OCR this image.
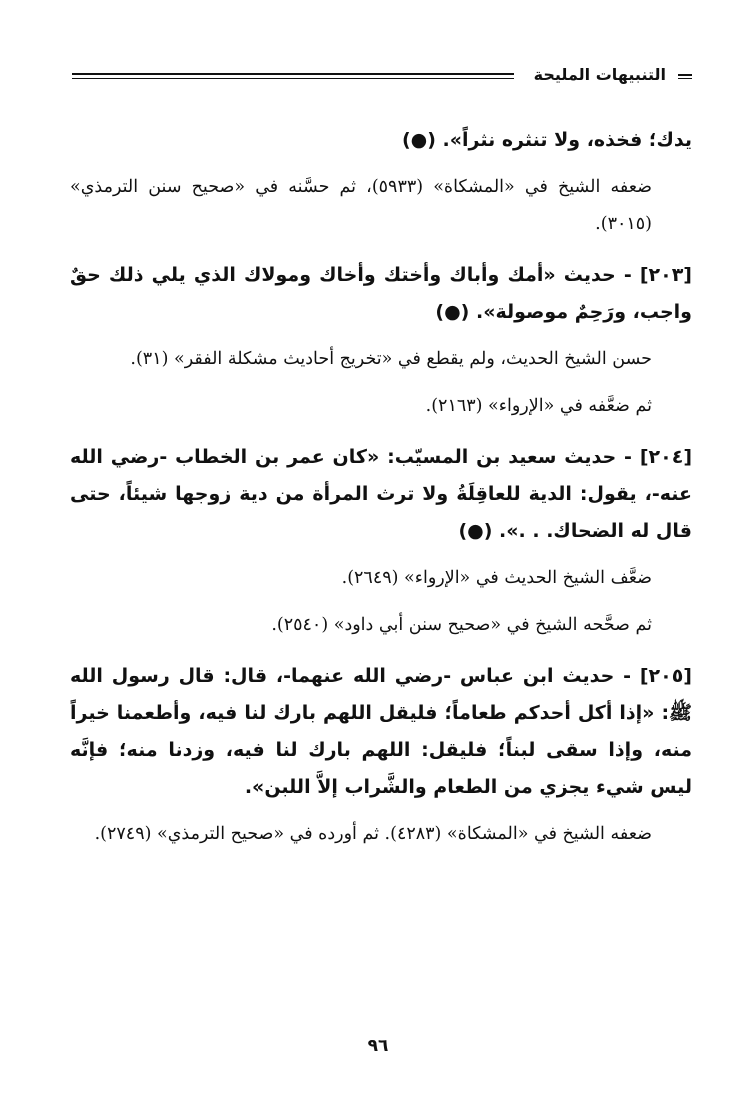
التنبيهات المليحة

يدك؛ فخذه، ولا تنثره نثراً». (●)

ضعفه الشيخ في «المشكاة» (٥٩٣٣)، ثم حسَّنه في «صحيح سنن الترمذي» (٣٠١٥).

[٢٠٣] - حديث «أمك وأباك وأختك وأخاك ومولاك الذي يلي ذلك حقٌ واجب، ورَحِمٌ موصولة». (●)

حسن الشيخ الحديث، ولم يقطع في «تخريج أحاديث مشكلة الفقر» (٣١).

ثم ضعَّفه في «الإرواء» (٢١٦٣).

[٢٠٤] - حديث سعيد بن المسيّب: «كان عمر بن الخطاب -رضي الله عنه-، يقول: الدية للعاقِلَةُ ولا ترث المرأة من دية زوجها شيئاً، حتى قال له الضحاك. . .». (●)

ضعَّف الشيخ الحديث في «الإرواء» (٢٦٤٩).

ثم صحَّحه الشيخ في «صحيح سنن أبي داود» (٢٥٤٠).

[٢٠٥] - حديث ابن عباس -رضي الله عنهما-، قال: قال رسول الله ﷺ: «إذا أكل أحدكم طعاماً؛ فليقل اللهم بارك لنا فيه، وأطعمنا خيراً منه، وإذا سقى لبناً؛ فليقل: اللهم بارك لنا فيه، وزدنا منه؛ فإنَّه ليس شيء يجزي من الطعام والشَّراب إلاَّ اللبن».

ضعفه الشيخ في «المشكاة» (٤٢٨٣). ثم أورده في «صحيح الترمذي» (٢٧٤٩).

٩٦
